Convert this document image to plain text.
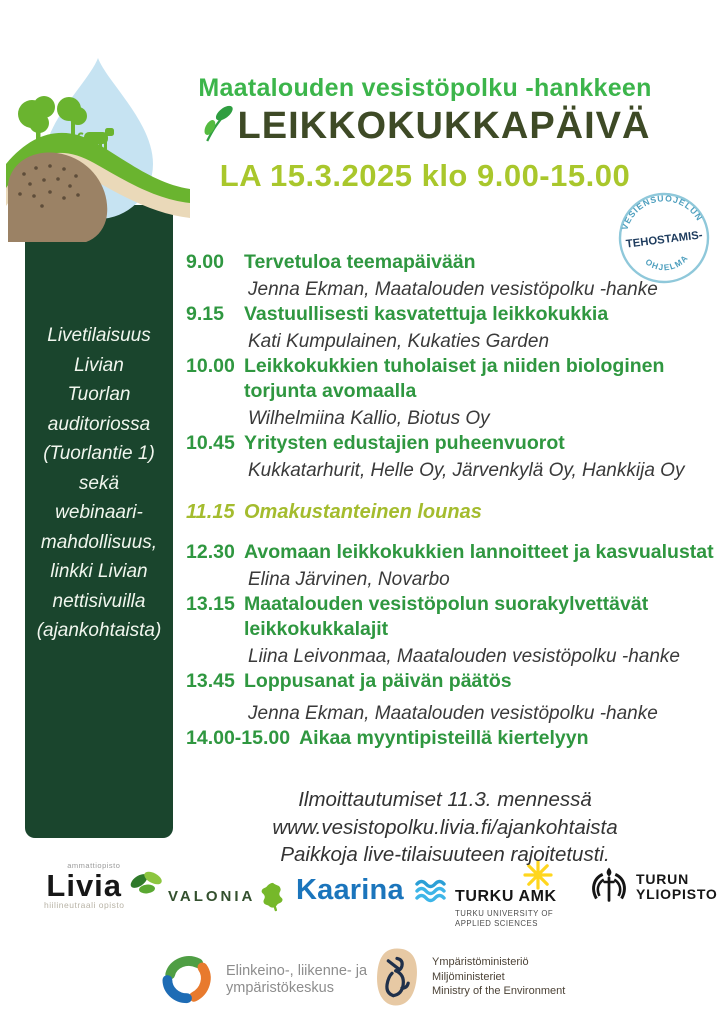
Livetilaisuus
Livian
Tuorlan
auditoriossa
(Tuorlantie 1)
sekä
webinaari-
mahdollisuus,
linkki Livian
nettisivuilla
(ajankohtaista)
Maatalouden vesistöpolku -hankkeen
LEIKKOKUKKAPÄIVÄ
LA 15.3.2025 klo 9.00-15.00
VESIENSUOJELUN
TEHOSTAMIS-
OHJELMA
9.00	Tervetuloa teemapäivään
Jenna Ekman, Maatalouden vesistöpolku -hanke
9.15	Vastuullisesti kasvatettuja leikkokukkia
Kati Kumpulainen, Kukaties Garden
10.00 Leikkokukkien tuholaiset ja niiden biologinen torjunta avomaalla
Wilhelmiina Kallio, Biotus Oy
10.45 Yritysten edustajien puheenvuorot
Kukkatarhurit, Helle Oy, Järvenkylä Oy, Hankkija Oy
11.15 Omakustanteinen lounas
12.30 Avomaan leikkokukkien lannoitteet ja kasvualustat
Elina Järvinen, Novarbo
13.15 Maatalouden vesistöpolun suorakylvettävät leikkokukkalajit
Liina Leivonmaa, Maatalouden vesistöpolku -hanke
13.45 Loppusanat ja päivän päätös
Jenna Ekman, Maatalouden vesistöpolku -hanke
14.00-15.00 Aikaa myyntipisteillä kiertelyyn
Ilmoittautumiset 11.3. mennessä
www.vesistopolku.livia.fi/ajankohtaista
Paikkoja live-tilaisuuteen rajoitetusti.
ammattiopisto
Livia
hiilineutraali opisto	VALONIA Kaarina	TURKU AMK
TURKU UNIVERSITY OF
APPLIED SCIENCES
TURUN
YLIOPISTO
Elinkeino-, liikenne- ja
ympäristökeskus
Ympäristöministeriö
Miljöministeriet
Ministry of the Environment
